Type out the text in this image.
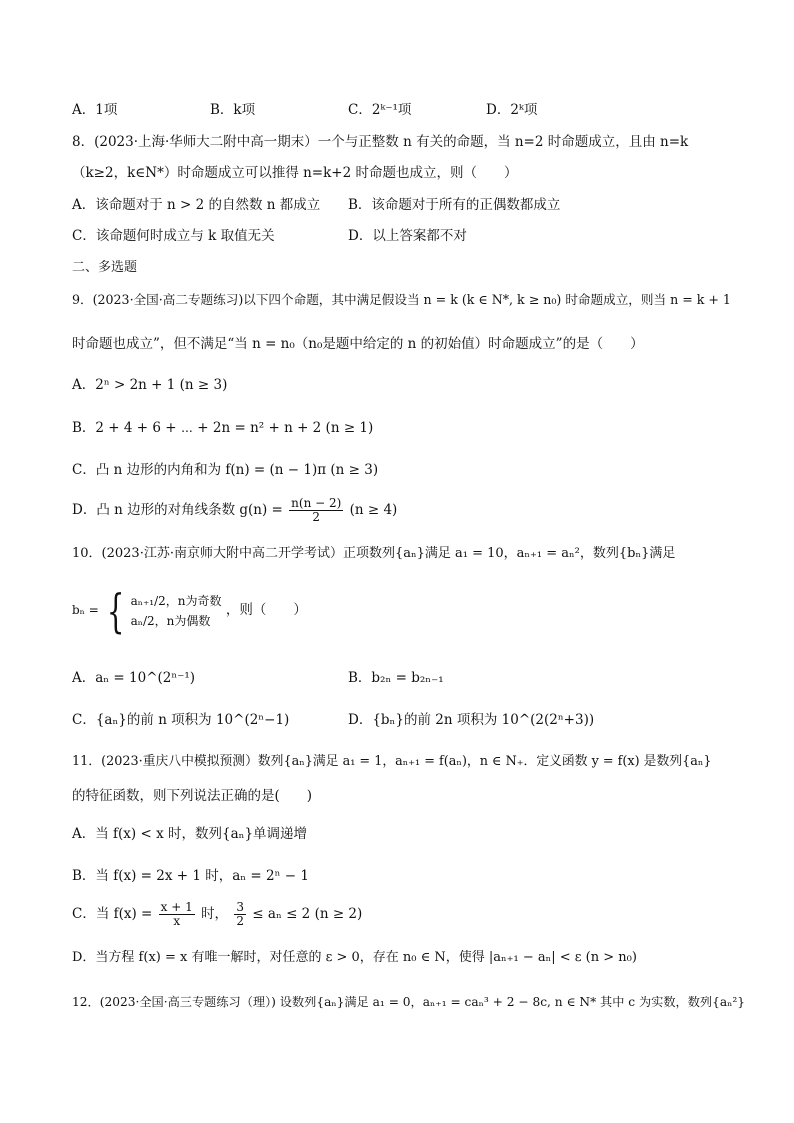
A．1项	B．k项	C．2ᵏ⁻¹项	D．2ᵏ项
8．(2023·上海·华师大二附中高一期末）一个与正整数 n 有关的命题，当 n=2 时命题成立，且由 n=k
（k≥2，k∈N*）时命题成立可以推得 n=k+2 时命题也成立，则（　　）
A．该命题对于 n > 2 的自然数 n 都成立 B．该命题对于所有的正偶数都成立
C．该命题何时成立与 k 取值无关	D．以上答案都不对
二、多选题
9．(2023·全国·高二专题练习)以下四个命题，其中满足假设当 n = k (k ∈ N*, k ≥ n₀) 时命题成立，则当 n = k + 1
时命题也成立”，但不满足“当 n = n₀（n₀是题中给定的 n 的初始值）时命题成立”的是（　　）
A．2ⁿ > 2n + 1 (n ≥ 3)
B．2 + 4 + 6 + ⋯ + 2n = n² + n + 2 (n ≥ 1)
C．凸 n 边形的内角和为 f(n) = (n − 1)π (n ≥ 3)
D．凸 n 边形的对角线条数 $g(n) = \frac{n(n - 2)}{2} (n \ge 4)$
10．(2023·江苏·南京师大附中高二开学考试）正项数列{aₙ}满足 a₁ = 10，aₙ₊₁ = aₙ²，数列{bₙ}满足
bₙ = { aₙ₊₁/2，n为奇数
aₙ/2，n为偶数
，则（　　）
A．aₙ = 10^(2ⁿ⁻¹)	B．b₂ₙ = b₂ₙ₋₁
C．{aₙ}的前 n 项积为 10^(2ⁿ−1)	D．{bₙ}的前 2n 项积为 10^(2(2ⁿ+3))
11．(2023·重庆八中模拟预测）数列{aₙ}满足 a₁ = 1，aₙ₊₁ = f(aₙ)，n ∈ N₊．定义函数 y = f(x) 是数列{aₙ}
的特征函数，则下列说法正确的是(　　)
A．当 f(x) < x 时，数列{aₙ}单调递增
B．当 f(x) = 2x + 1 时，aₙ = 2ⁿ − 1
C．当 $f(x) = \frac{x + 1}{x}$ 时， $\frac{3}{2} \le a_n \le 2$ (n ≥ 2)
D．当方程 f(x) = x 有唯一解时，对任意的 ε > 0，存在 n₀ ∈ N，使得 |aₙ₊₁ − aₙ| < ε (n > n₀)
12．(2023·全国·高三专题练习（理）) 设数列{aₙ}满足 a₁ = 0，aₙ₊₁ = caₙ³ + 2 − 8c, n ∈ N* 其中 c 为实数，数列{aₙ²}
